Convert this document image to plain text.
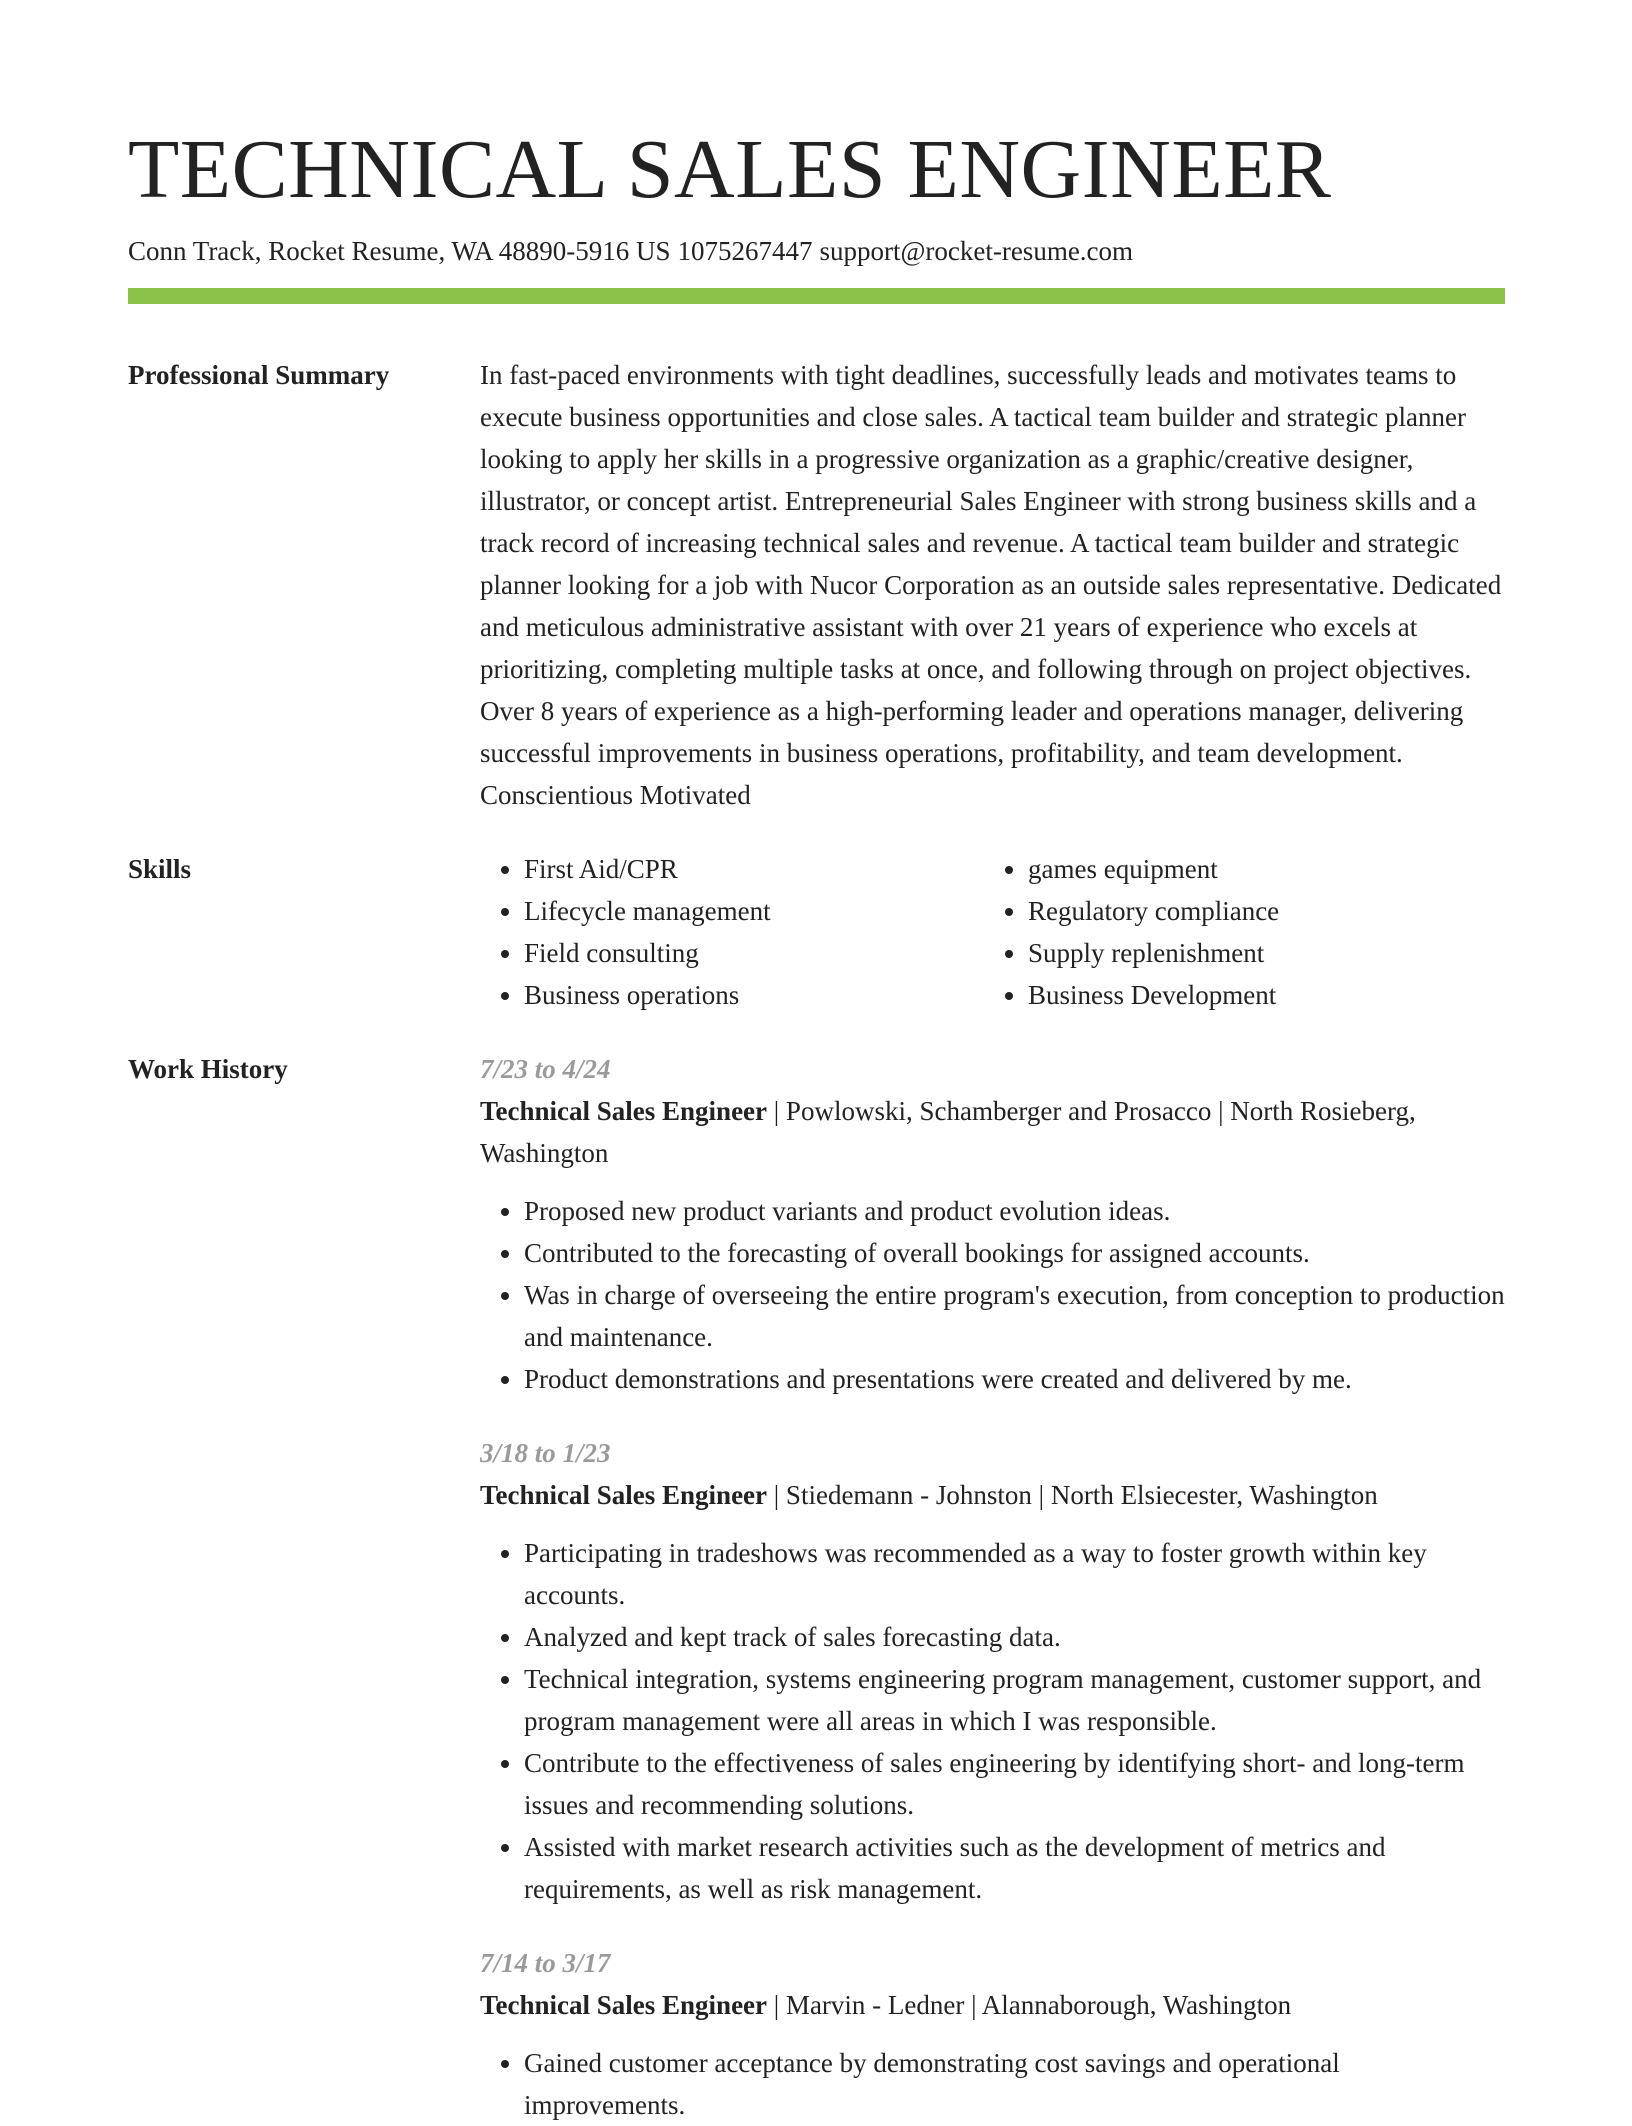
TECHNICAL SALES ENGINEER
Conn Track, Rocket Resume, WA 48890-5916 US 1075267447 support@rocket-resume.com
Professional Summary	In fast-paced environments with tight deadlines, successfully leads and motivates teams to execute business opportunities and close sales. A tactical team builder and strategic planner looking to apply her skills in a progressive organization as a graphic/creative designer, illustrator, or concept artist. Entrepreneurial Sales Engineer with strong business skills and a track record of increasing technical sales and revenue. A tactical team builder and strategic planner looking for a job with Nucor Corporation as an outside sales representative. Dedicated and meticulous administrative assistant with over 21 years of experience who excels at prioritizing, completing multiple tasks at once, and following through on project objectives. Over 8 years of experience as a high-performing leader and operations manager, delivering successful improvements in business operations, profitability, and team development. Conscientious Motivated

Skills
•	First Aid/CPR
• Lifecycle management
• Field consulting
• Business operations
• games equipment
• Regulatory compliance
• Supply replenishment
• Business Development
Work History	7/23 to 4/24
Technical Sales Engineer | Powlowski, Schamberger and Prosacco | North Rosieberg, Washington
• Proposed new product variants and product evolution ideas.
• Contributed to the forecasting of overall bookings for assigned accounts.
• Was in charge of overseeing the entire program's execution, from conception to production and maintenance.
• Product demonstrations and presentations were created and delivered by me.
3/18 to 1/23
Technical Sales Engineer | Stiedemann - Johnston | North Elsiecester, Washington
• Participating in tradeshows was recommended as a way to foster growth within key accounts.
• Analyzed and kept track of sales forecasting data.
• Technical integration, systems engineering program management, customer support, and program management were all areas in which I was responsible.
• Contribute to the effectiveness of sales engineering by identifying short- and long-term issues and recommending solutions.
• Assisted with market research activities such as the development of metrics and requirements, as well as risk management.
7/14 to 3/17
Technical Sales Engineer | Marvin - Ledner | Alannaborough, Washington
• Gained customer acceptance by demonstrating cost savings and operational improvements.
